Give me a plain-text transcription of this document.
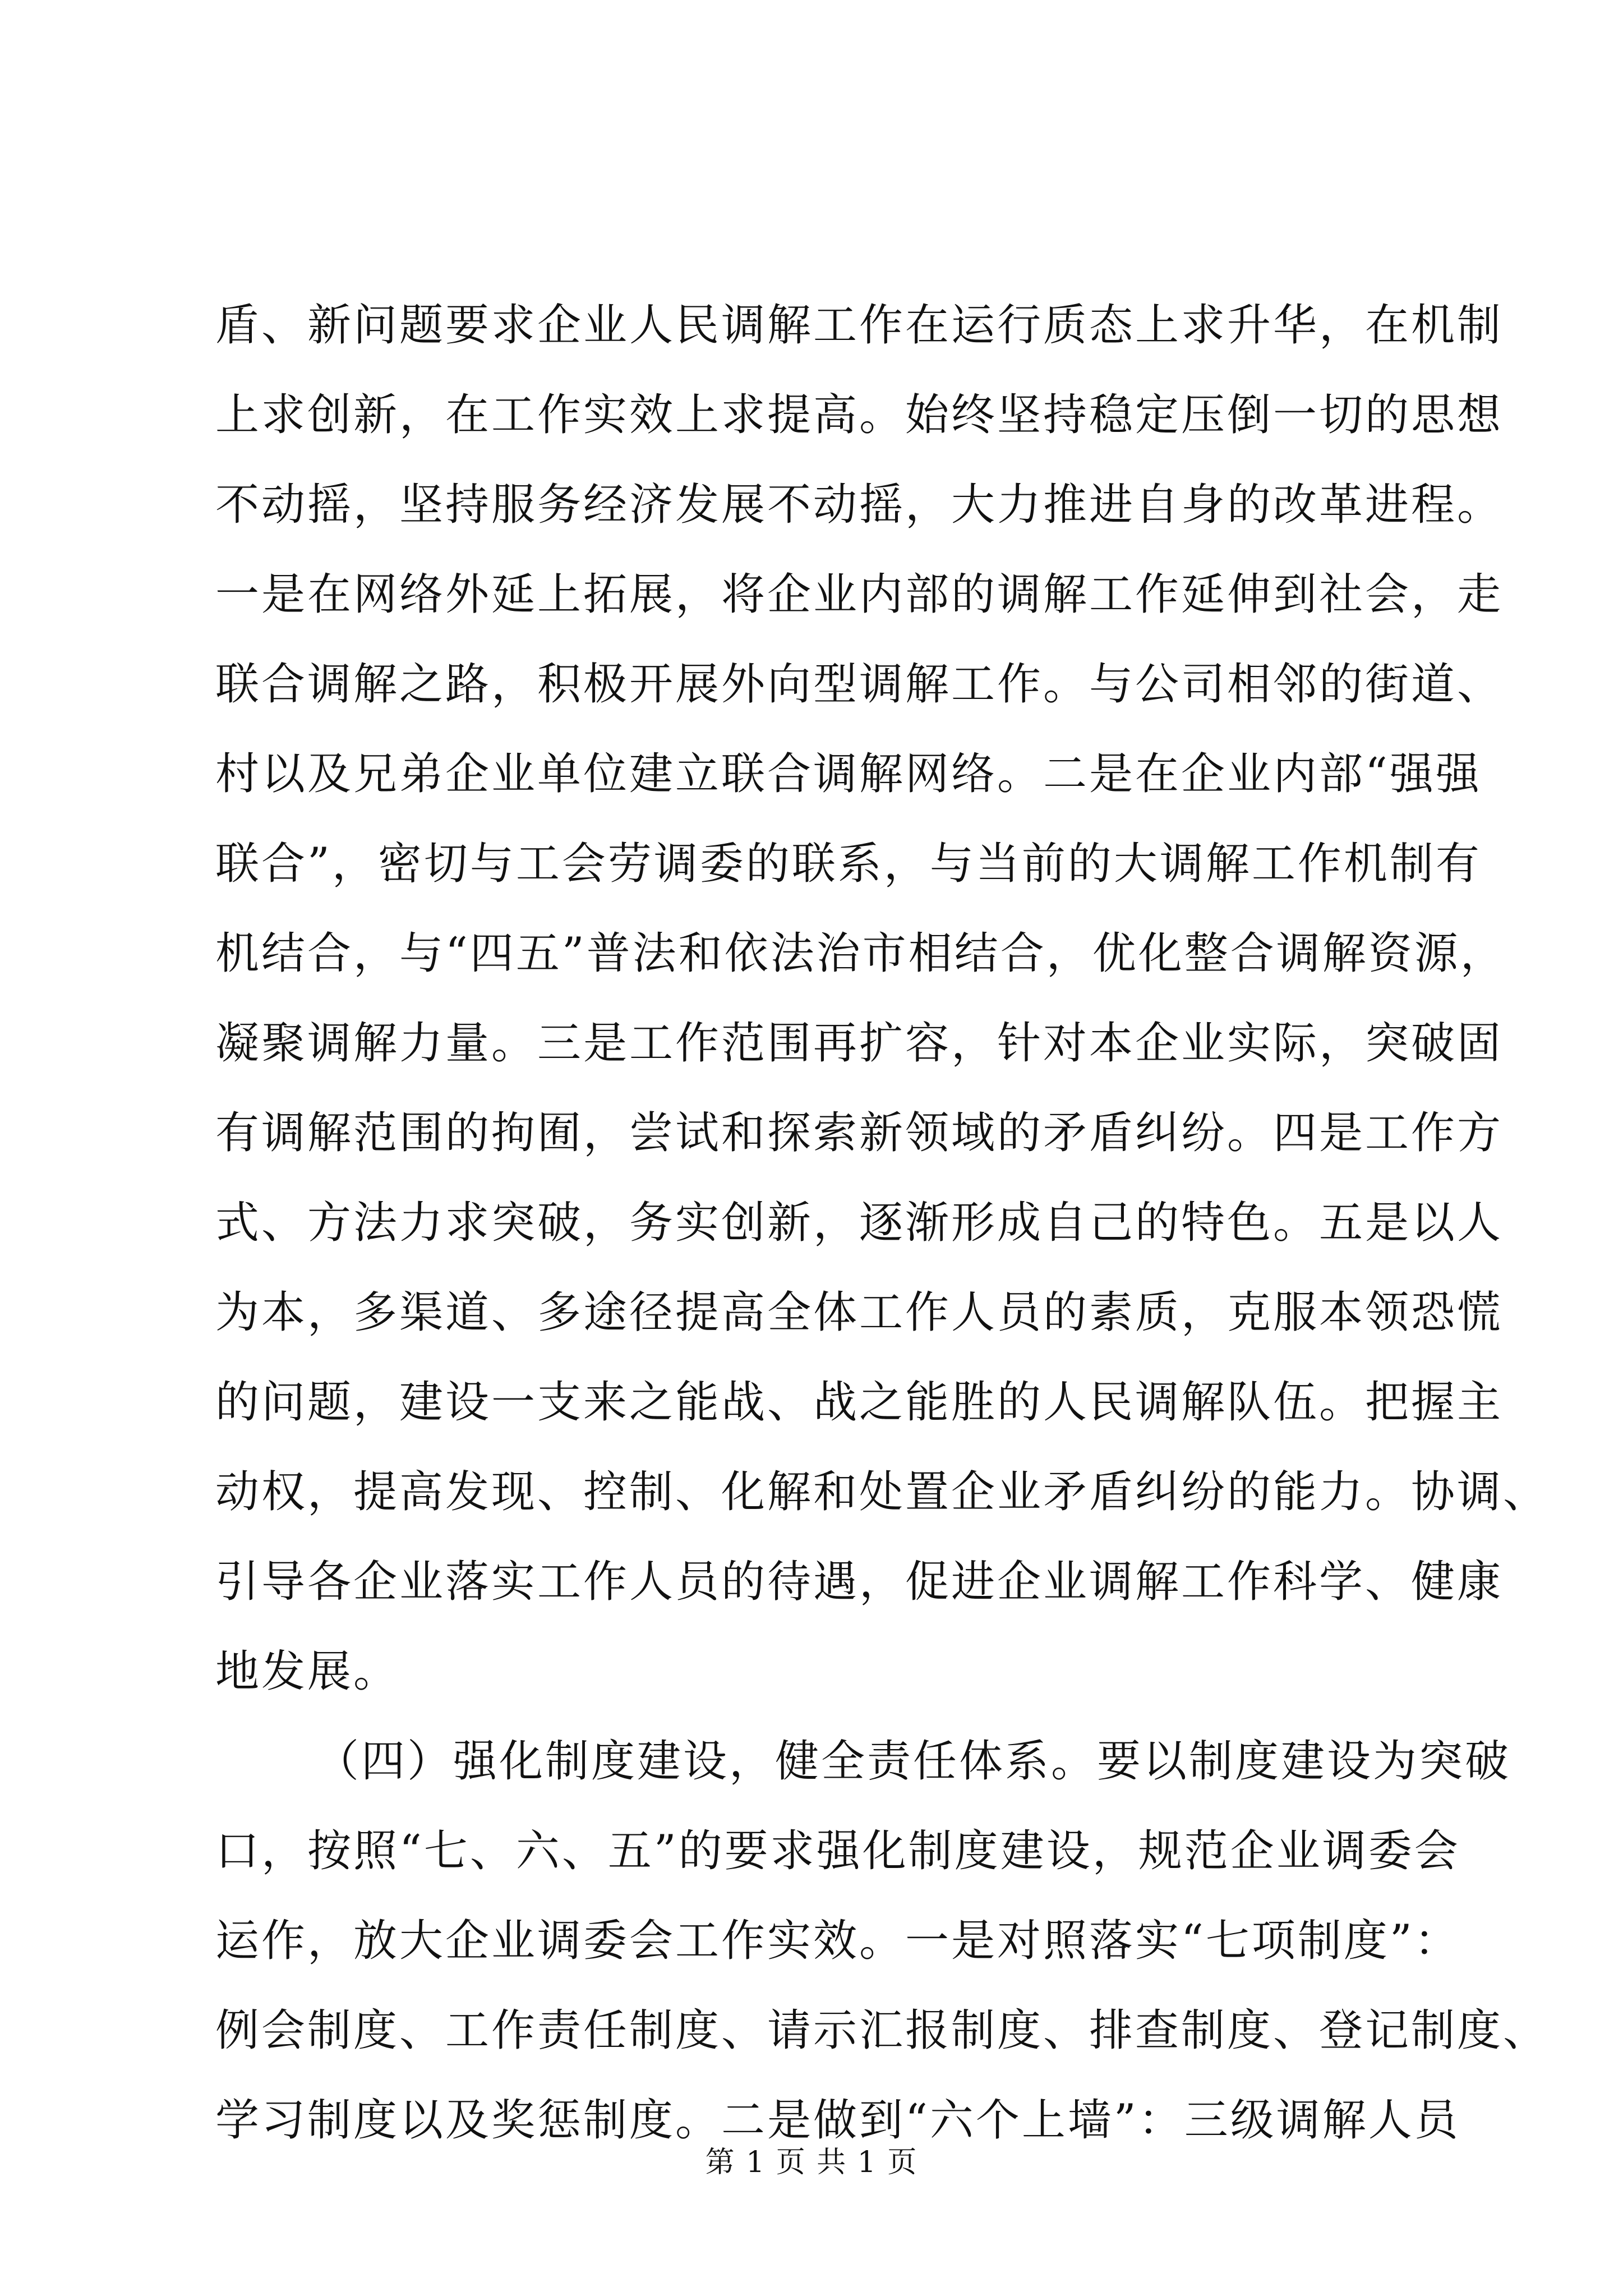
盾、新问题要求企业人民调解工作在运行质态上求升华，在机制
上求创新，在工作实效上求提高。始终坚持稳定压倒一切的思想
不动摇，坚持服务经济发展不动摇，大力推进自身的改革进程。
一是在网络外延上拓展，将企业内部的调解工作延伸到社会，走
联合调解之路，积极开展外向型调解工作。与公司相邻的街道、
村以及兄弟企业单位建立联合调解网络。二是在企业内部“强强
联合”，密切与工会劳调委的联系，与当前的大调解工作机制有
机结合，与“四五”普法和依法治市相结合，优化整合调解资源，
凝聚调解力量。三是工作范围再扩容，针对本企业实际，突破固
有调解范围的拘囿，尝试和探索新领域的矛盾纠纷。四是工作方
式、方法力求突破，务实创新，逐渐形成自己的特色。五是以人
为本，多渠道、多途径提高全体工作人员的素质，克服本领恐慌
的问题，建设一支来之能战、战之能胜的人民调解队伍。把握主
动权，提高发现、控制、化解和处置企业矛盾纠纷的能力。协调、
引导各企业落实工作人员的待遇，促进企业调解工作科学、健康
地发展。
（四）强化制度建设，健全责任体系。要以制度建设为突破
口，按照“七、六、五”的要求强化制度建设，规范企业调委会
运作，放大企业调委会工作实效。一是对照落实“七项制度”：
例会制度、工作责任制度、请示汇报制度、排查制度、登记制度、
学习制度以及奖惩制度。二是做到“六个上墙”：三级调解人员
第 1 页 共 1 页
